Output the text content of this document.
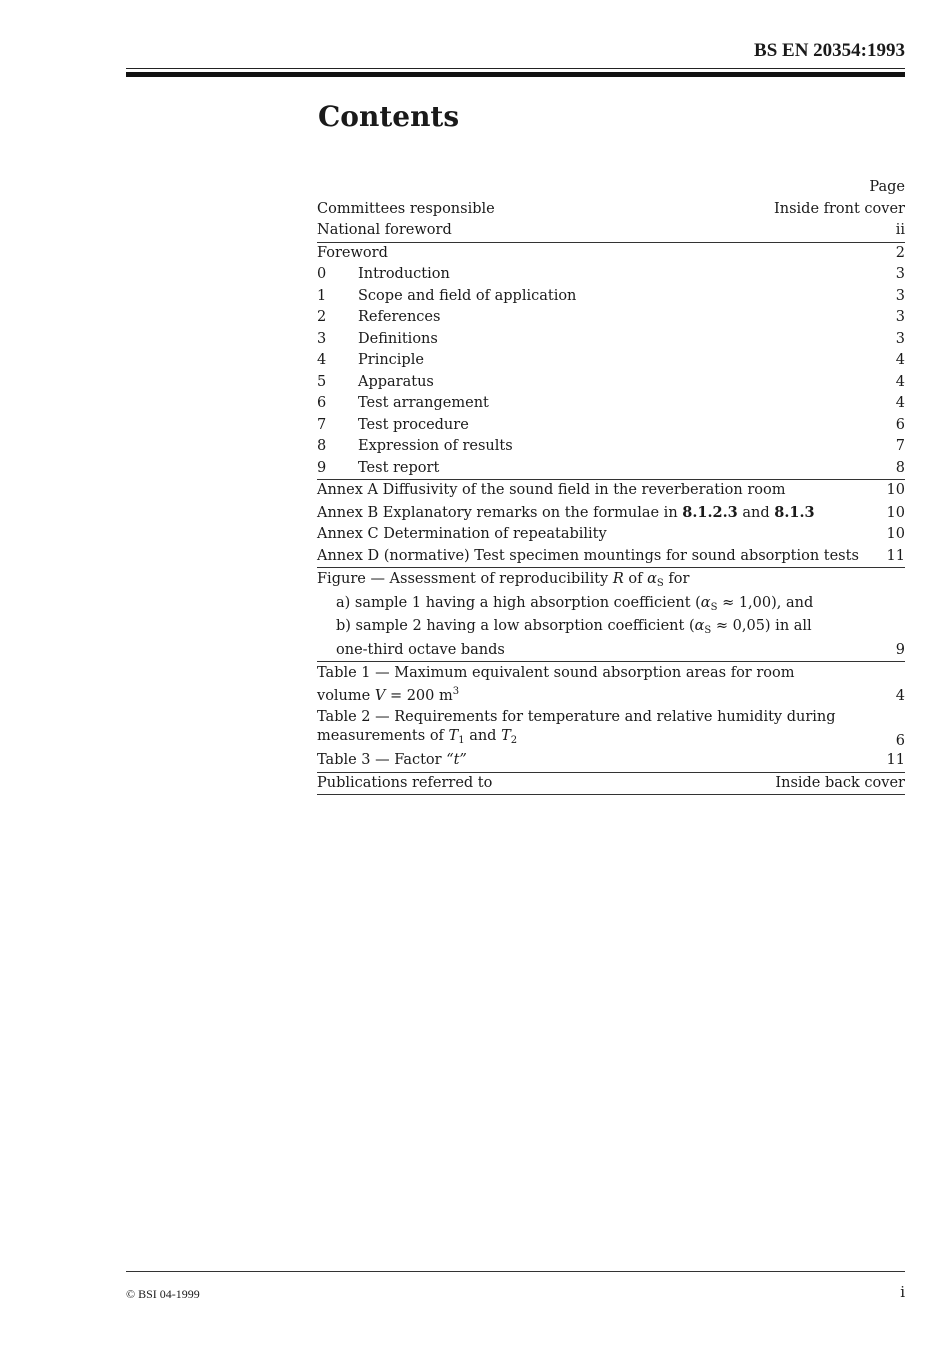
BS EN 20354:1993
Contents
Page
Committees responsible	Inside front cover
National foreword	ii
Foreword	2
0 Introduction	3
1 Scope and field of application	3
2 References	3
3 Definitions	3
4 Principle	4
5 Apparatus	4
6 Test arrangement	4
7 Test procedure	6
8 Expression of results	7
9 Test report	8
Annex A Diffusivity of the sound field in the reverberation room	10
Annex B Explanatory remarks on the formulae in 8.1.2.3 and 8.1.3	10
Annex C Determination of repeatability	10
Annex D (normative) Test specimen mountings for sound absorption tests	11
Figure — Assessment of reproducibility R of $\alpha_S$ for
a) sample 1 having a high absorption coefficient $(\alpha_S \approx 1,00)$, and
b) sample 2 having a low absorption coefficient $(\alpha_S \approx 0,05)$ in all
one-third octave bands	9
Table 1 — Maximum equivalent sound absorption areas for room
volume V = 200 $m^3$	4
Table 2 — Requirements for temperature and relative humidity during
measurements of $T_1$ and $T_2$	6
Table 3 — Factor “t”	11
Publications referred to	Inside back cover
© BSI 04-1999	i
